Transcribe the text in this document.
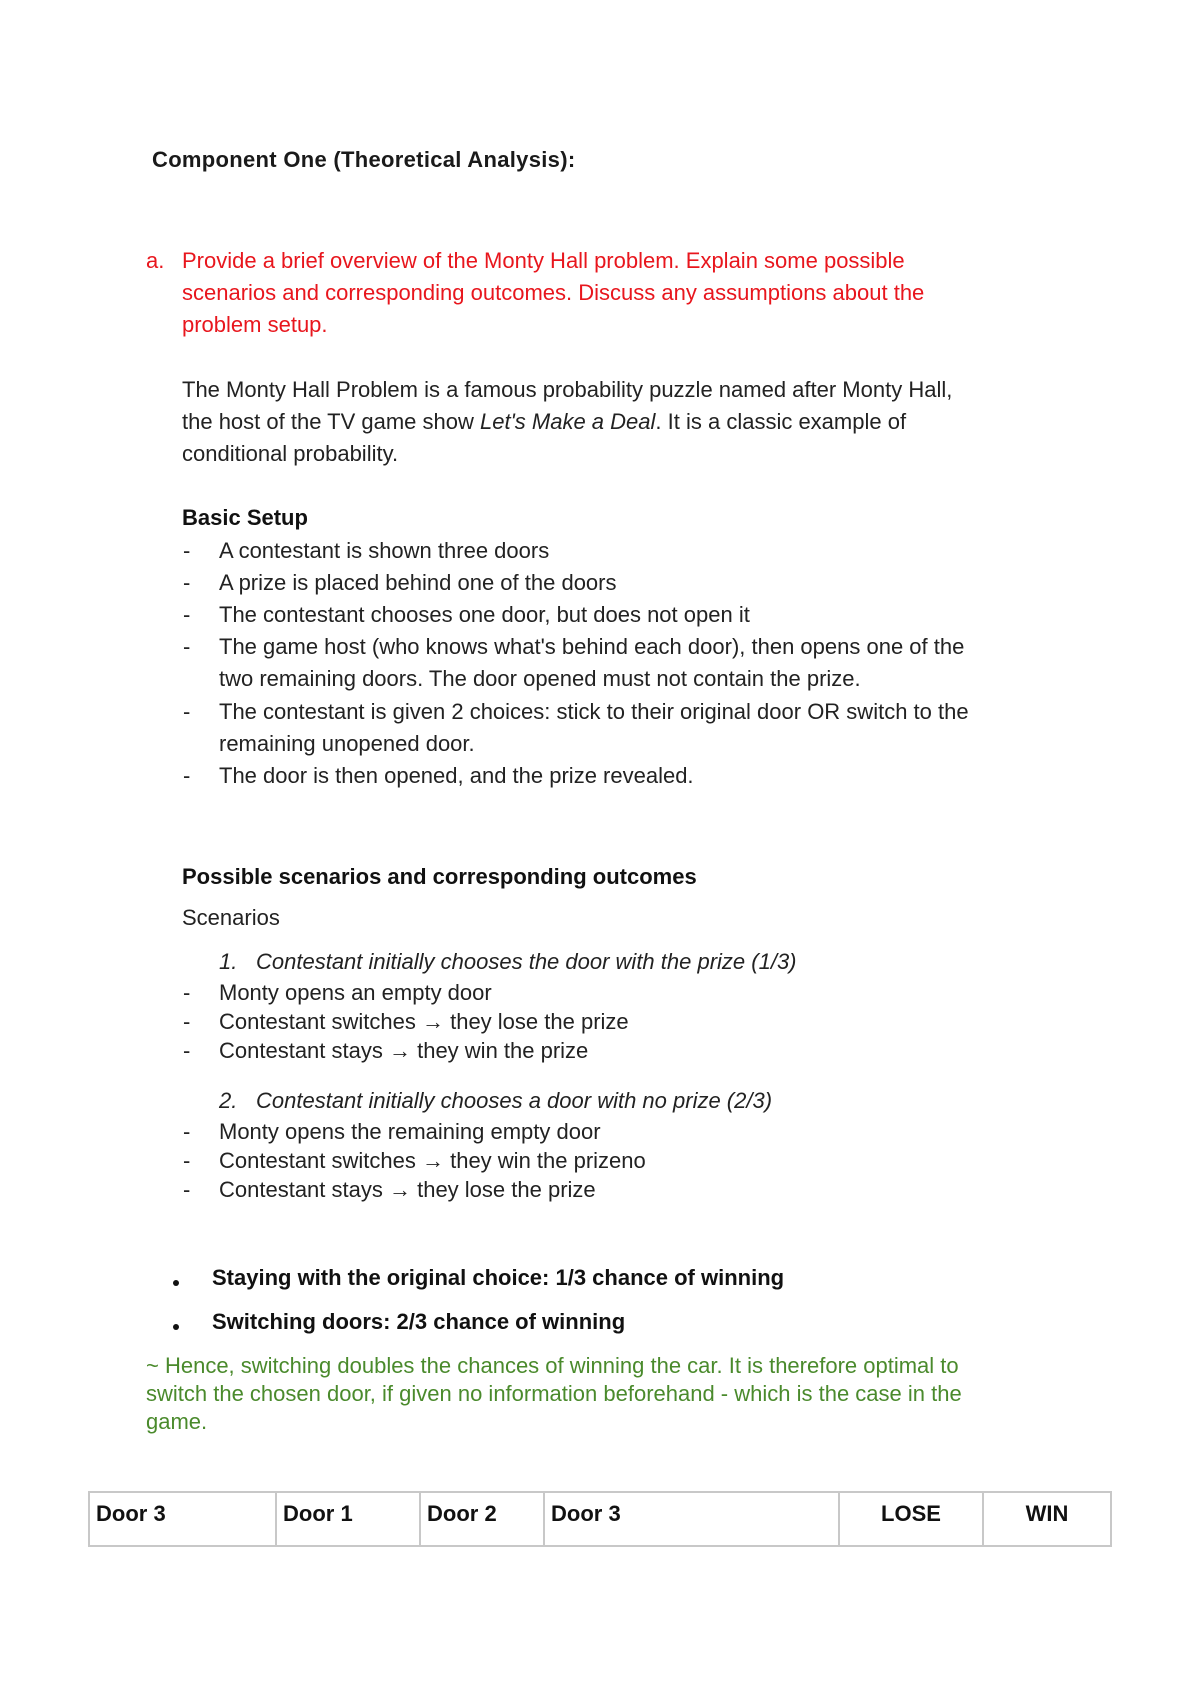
Component One (Theoretical Analysis):
a. Provide a brief overview of the Monty Hall problem. Explain some possible
scenarios and corresponding outcomes. Discuss any assumptions about the
problem setup.
The Monty Hall Problem is a famous probability puzzle named after Monty Hall,
the host of the TV game show Let's Make a Deal. It is a classic example of
conditional probability.
Basic Setup
- A contestant is shown three doors
- A prize is placed behind one of the doors
- The contestant chooses one door, but does not open it
- The game host (who knows what's behind each door), then opens one of the
two remaining doors. The door opened must not contain the prize.
- The contestant is given 2 choices: stick to their original door OR switch to the
remaining unopened door.
- The door is then opened, and the prize revealed.
Possible scenarios and corresponding outcomes
Scenarios
1. Contestant initially chooses the door with the prize (1/3)
- Monty opens an empty door
- Contestant switches → they lose the prize
- Contestant stays → they win the prize
2. Contestant initially chooses a door with no prize (2/3)
- Monty opens the remaining empty door
- Contestant switches → they win the prizeno
- Contestant stays → they lose the prize
Staying with the original choice: 1/3 chance of winning
Switching doors: 2/3 chance of winning
~ Hence, switching doubles the chances of winning the car. It is therefore optimal to
switch the chosen door, if given no information beforehand - which is the case in the
game.
Door 3	Door 1	Door 2	Door 3	LOSE	WIN
